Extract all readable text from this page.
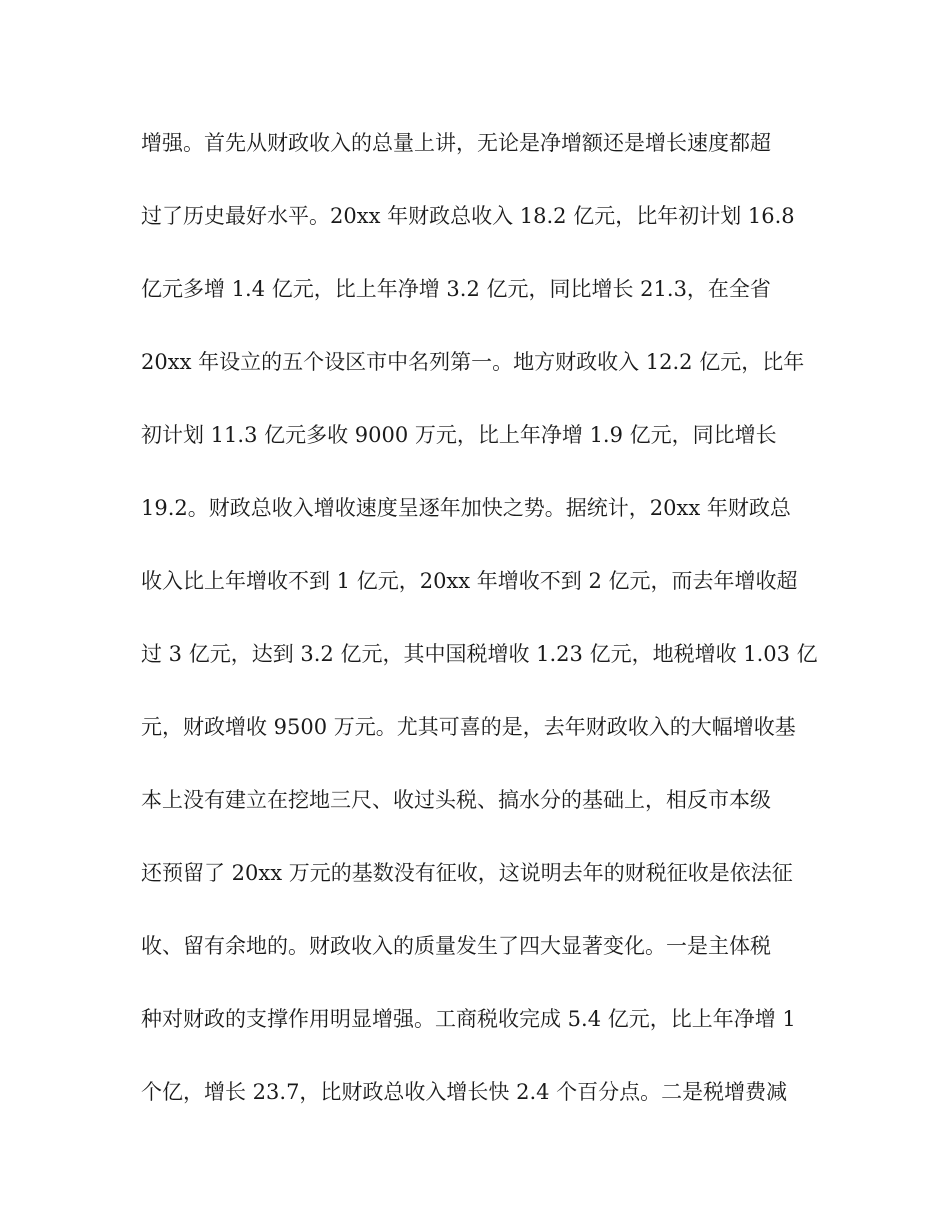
增强。首先从财政收入的总量上讲，无论是净增额还是增长速度都超
过了历史最好水平。20xx 年财政总收入 18.2 亿元，比年初计划 16.8
亿元多增 1.4 亿元，比上年净增 3.2 亿元，同比增长 21.3，在全省
20xx 年设立的五个设区市中名列第一。地方财政收入 12.2 亿元，比年
初计划 11.3 亿元多收 9000 万元，比上年净增 1.9 亿元，同比增长
19.2。财政总收入增收速度呈逐年加快之势。据统计，20xx 年财政总
收入比上年增收不到 1 亿元，20xx 年增收不到 2 亿元，而去年增收超
过 3 亿元，达到 3.2 亿元，其中国税增收 1.23 亿元，地税增收 1.03 亿
元，财政增收 9500 万元。尤其可喜的是，去年财政收入的大幅增收基
本上没有建立在挖地三尺、收过头税、搞水分的基础上，相反市本级
还预留了 20xx 万元的基数没有征收，这说明去年的财税征收是依法征
收、留有余地的。财政收入的质量发生了四大显著变化。一是主体税
种对财政的支撑作用明显增强。工商税收完成 5.4 亿元，比上年净增 1
个亿，增长 23.7，比财政总收入增长快 2.4 个百分点。二是税增费减
